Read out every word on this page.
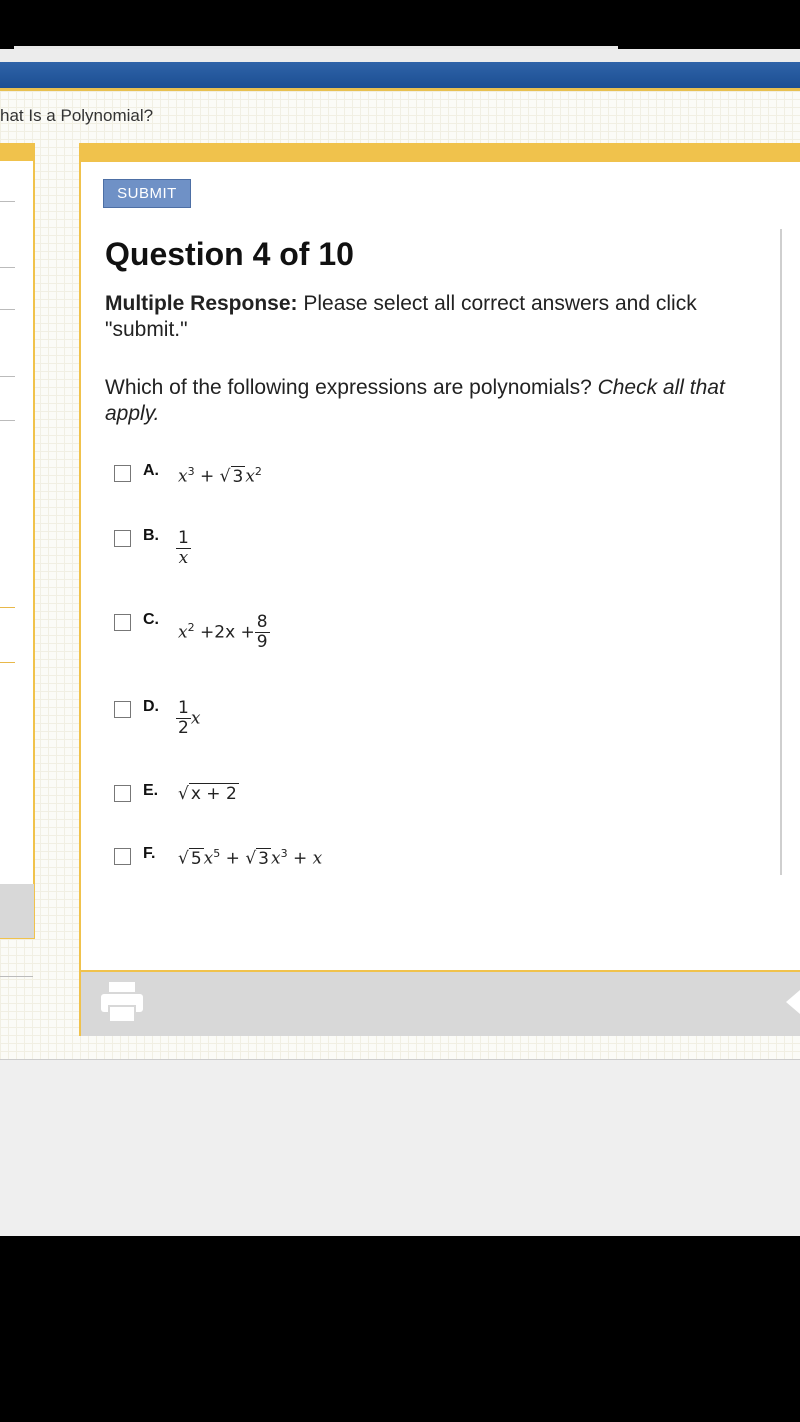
hat Is a Polynomial?
SUBMIT
Question 4 of 10
Multiple Response: Please select all correct answers and click "submit."
Which of the following expressions are polynomials? Check all that apply.
A. $x^3$ + √ 3 $x^2$
B. $\frac{1}{x}$
C.
$x^2 +2x + \frac{8}{9}$
D. $\frac{1}{2}$ x
E. √ x + 2
F. √ 5 $x^5$ + √ 3 $x^3 + x$
